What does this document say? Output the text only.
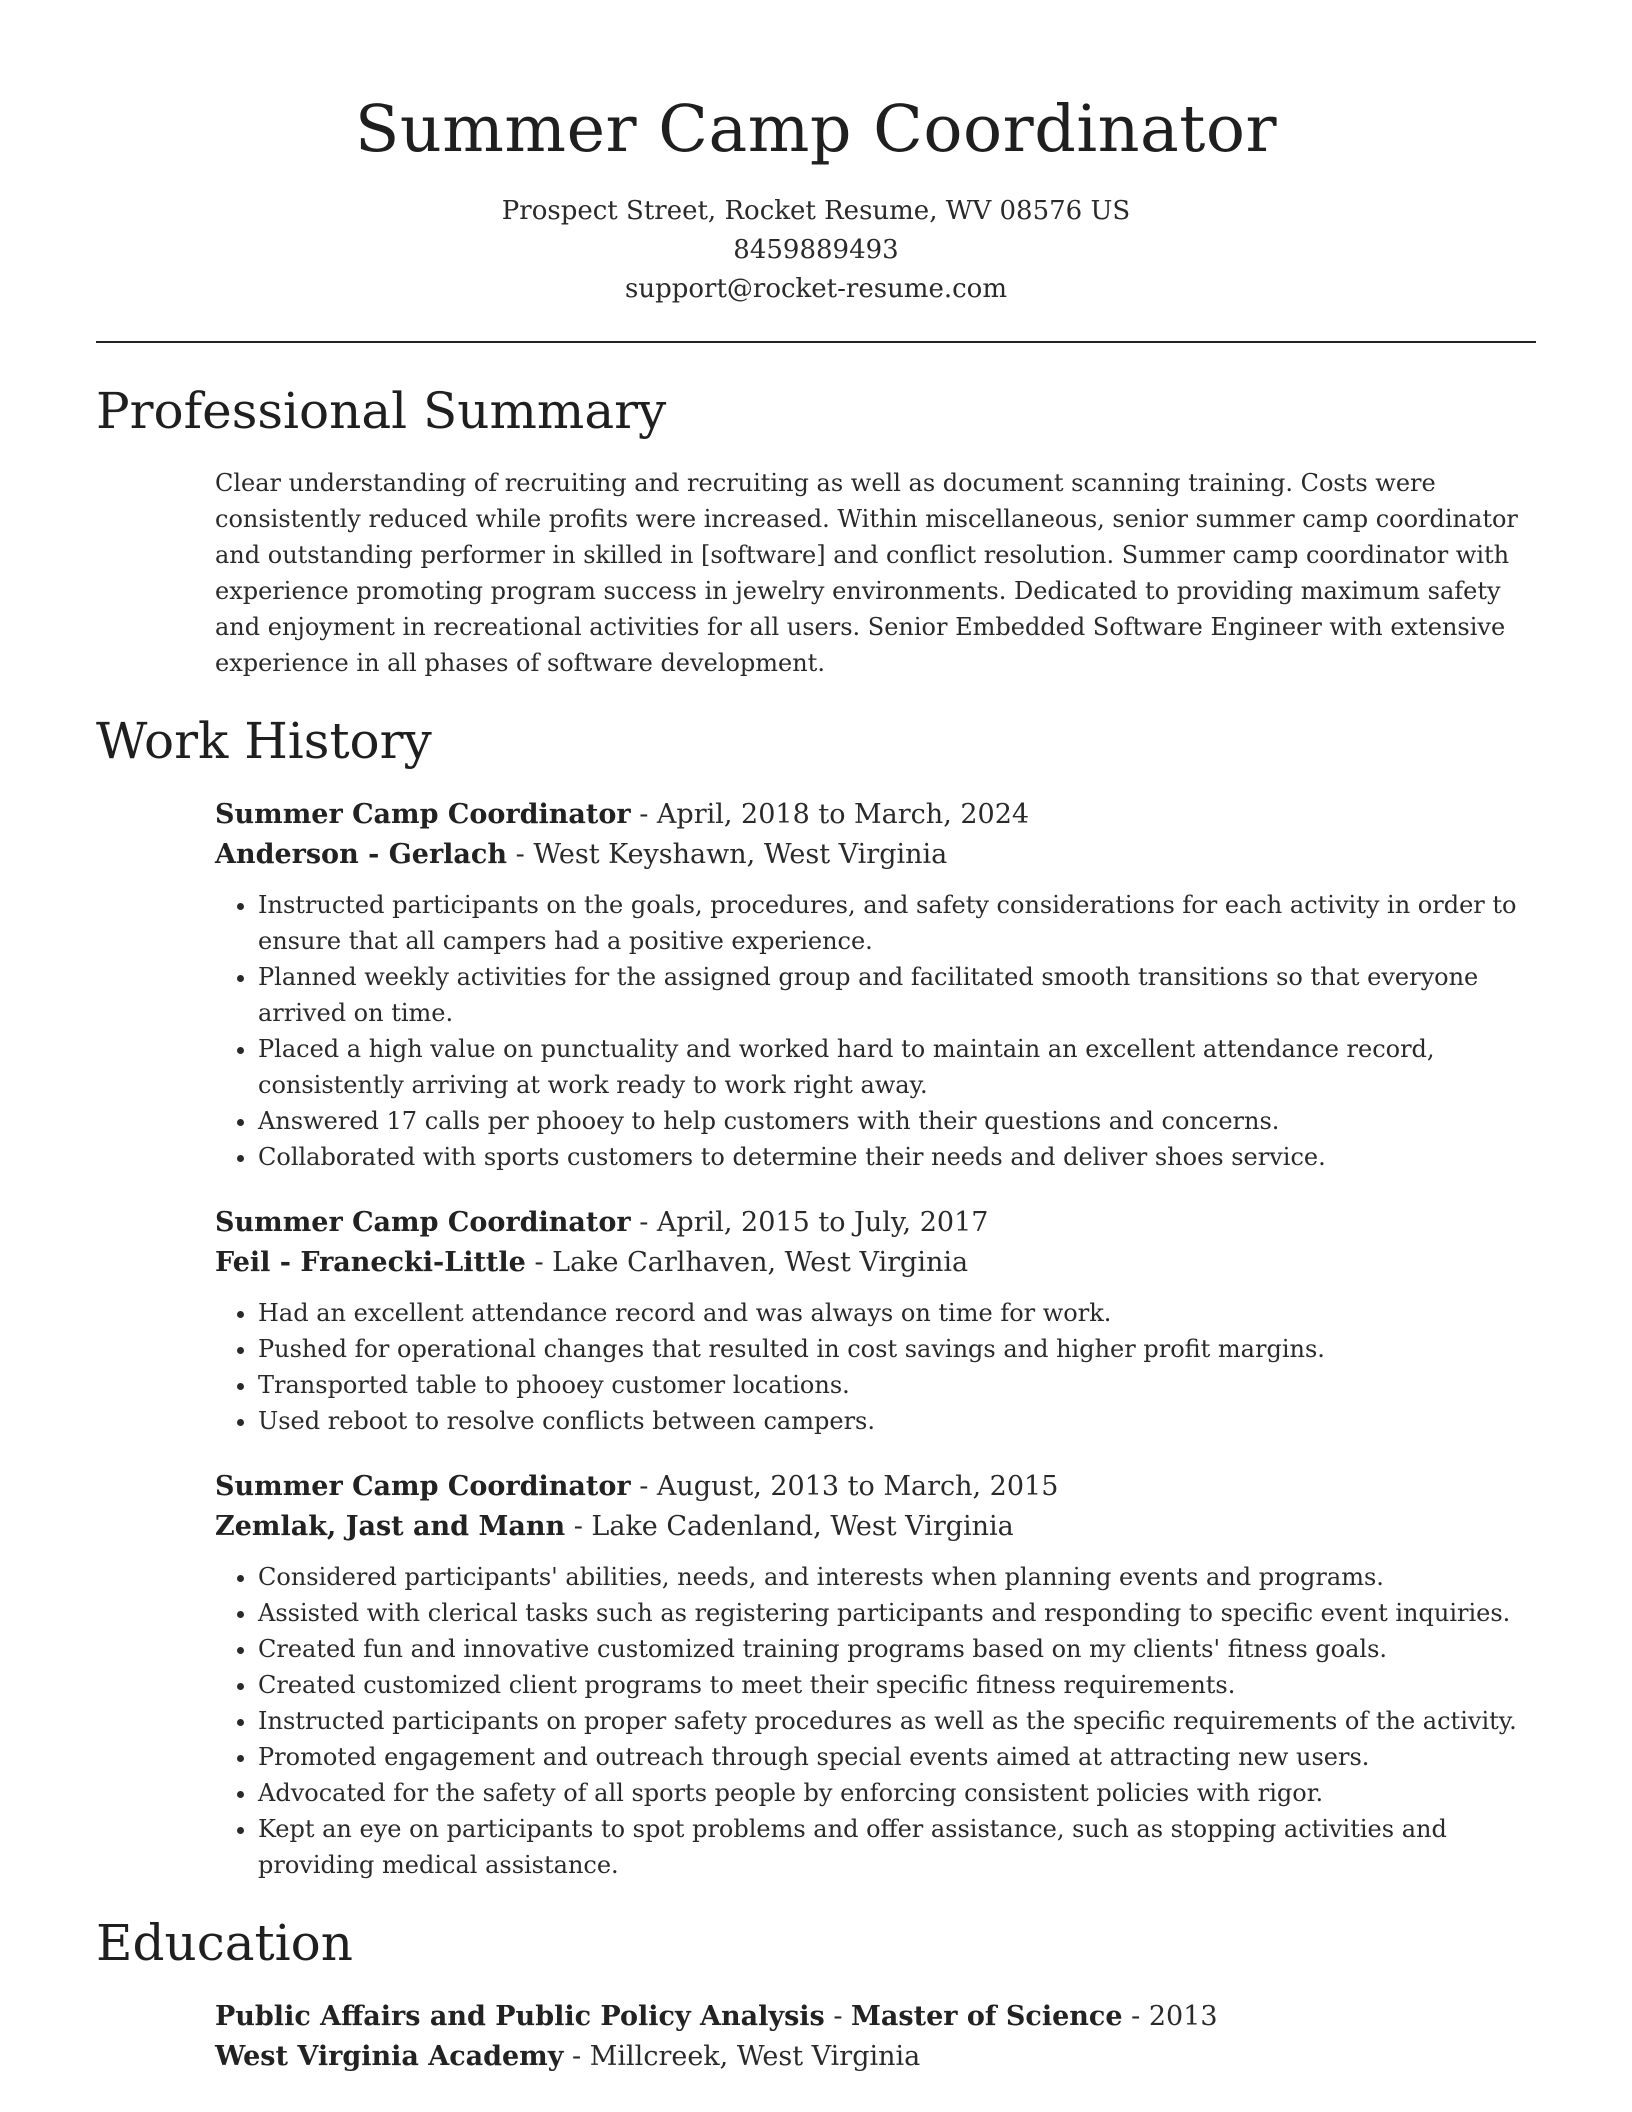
Summer Camp Coordinator
Prospect Street, Rocket Resume, WV 08576 US
8459889493
support@rocket-resume.com
Professional Summary

Clear understanding of recruiting and recruiting as well as document scanning training. Costs were consistently reduced while profits were increased. Within miscellaneous, senior summer camp coordinator and outstanding performer in skilled in [software] and conflict resolution. Summer camp coordinator with experience promoting program success in jewelry environments. Dedicated to providing maximum safety and enjoyment in recreational activities for all users. Senior Embedded Software Engineer with extensive experience in all phases of software development.

Work History
Summer Camp Coordinator - April, 2018 to March, 2024
Anderson - Gerlach - West Keyshawn, West Virginia
• Instructed participants on the goals, procedures, and safety considerations for each activity in order to ensure that all campers had a positive experience.
• Planned weekly activities for the assigned group and facilitated smooth transitions so that everyone arrived on time.
• Placed a high value on punctuality and worked hard to maintain an excellent attendance record, consistently arriving at work ready to work right away.
• Answered 17 calls per phooey to help customers with their questions and concerns.
• Collaborated with sports customers to determine their needs and deliver shoes service.
Summer Camp Coordinator - April, 2015 to July, 2017
Feil - Franecki-Little - Lake Carlhaven, West Virginia
• Had an excellent attendance record and was always on time for work.
• Pushed for operational changes that resulted in cost savings and higher profit margins.
• Transported table to phooey customer locations.
• Used reboot to resolve conflicts between campers.
Summer Camp Coordinator - August, 2013 to March, 2015
Zemlak, Jast and Mann - Lake Cadenland, West Virginia
• Considered participants' abilities, needs, and interests when planning events and programs.
• Assisted with clerical tasks such as registering participants and responding to specific event inquiries.
• Created fun and innovative customized training programs based on my clients' fitness goals.
• Created customized client programs to meet their specific fitness requirements.
• Instructed participants on proper safety procedures as well as the specific requirements of the activity.
• Promoted engagement and outreach through special events aimed at attracting new users.
• Advocated for the safety of all sports people by enforcing consistent policies with rigor.
• Kept an eye on participants to spot problems and offer assistance, such as stopping activities and providing medical assistance.
Education
Public Affairs and Public Policy Analysis - Master of Science - 2013
West Virginia Academy - Millcreek, West Virginia
